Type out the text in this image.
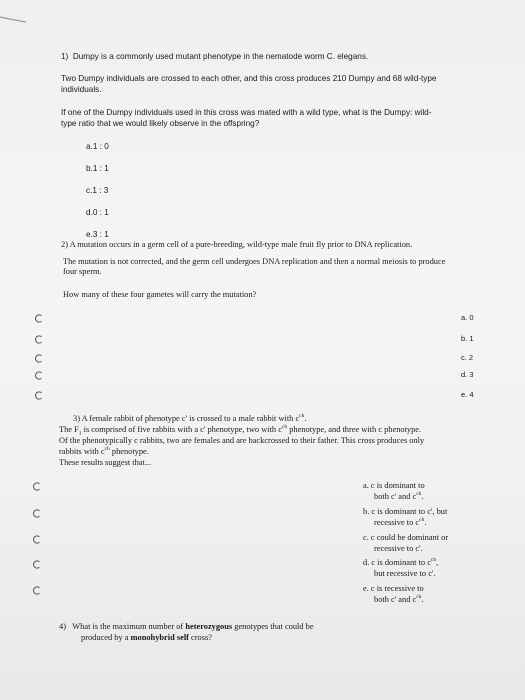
1) Dumpy is a commonly used mutant phenotype in the nematode worm C. elegans.
Two Dumpy individuals are crossed to each other, and this cross produces 210 Dumpy and 68 wild-type
individuals.
If one of the Dumpy individuals used in this cross was mated with a wild type, what is the Dumpy: wild-
type ratio that we would likely observe in the offspring?
a.1 : 0
b.1 : 1
c.1 : 3
d.0 : 1
e.3 : 1
2) A mutation occurs in a germ cell of a pure-breeding, wild-type male fruit fly prior to DNA replication.
The mutation is not corrected, and the germ cell undergoes DNA replication and then a normal meiosis to produce
four sperm.
How many of these four gametes will carry the mutation?
a. 0
b. 1
c. 2
d. 3
e. 4
3) A female rabbit of phenotype c' is crossed to a male rabbit with $c^{ch}$.
The $F_1$ is comprised of five rabbits with a c' phenotype, two with $c^{ch}$ phenotype, and three with c phenotype.
Of the phenotypically c rabbits, two are females and are backcrossed to their father. This cross produces only
rabbits with $c^{ch}$ phenotype.
These results suggest that...
a. c is dominant to
both c' and $c^{ch}$.
b. c is dominant to c', but
recessive to $c^{ch}$.
c. c could be dominant or
recessive to c'.
d. c is dominant to $c^{ch}$,
but recessive to c'.
e. c is recessive to
both c' and $c^{ch}$.
4) What is the maximum number of heterozygous genotypes that could be
produced by a monohybrid self cross?
